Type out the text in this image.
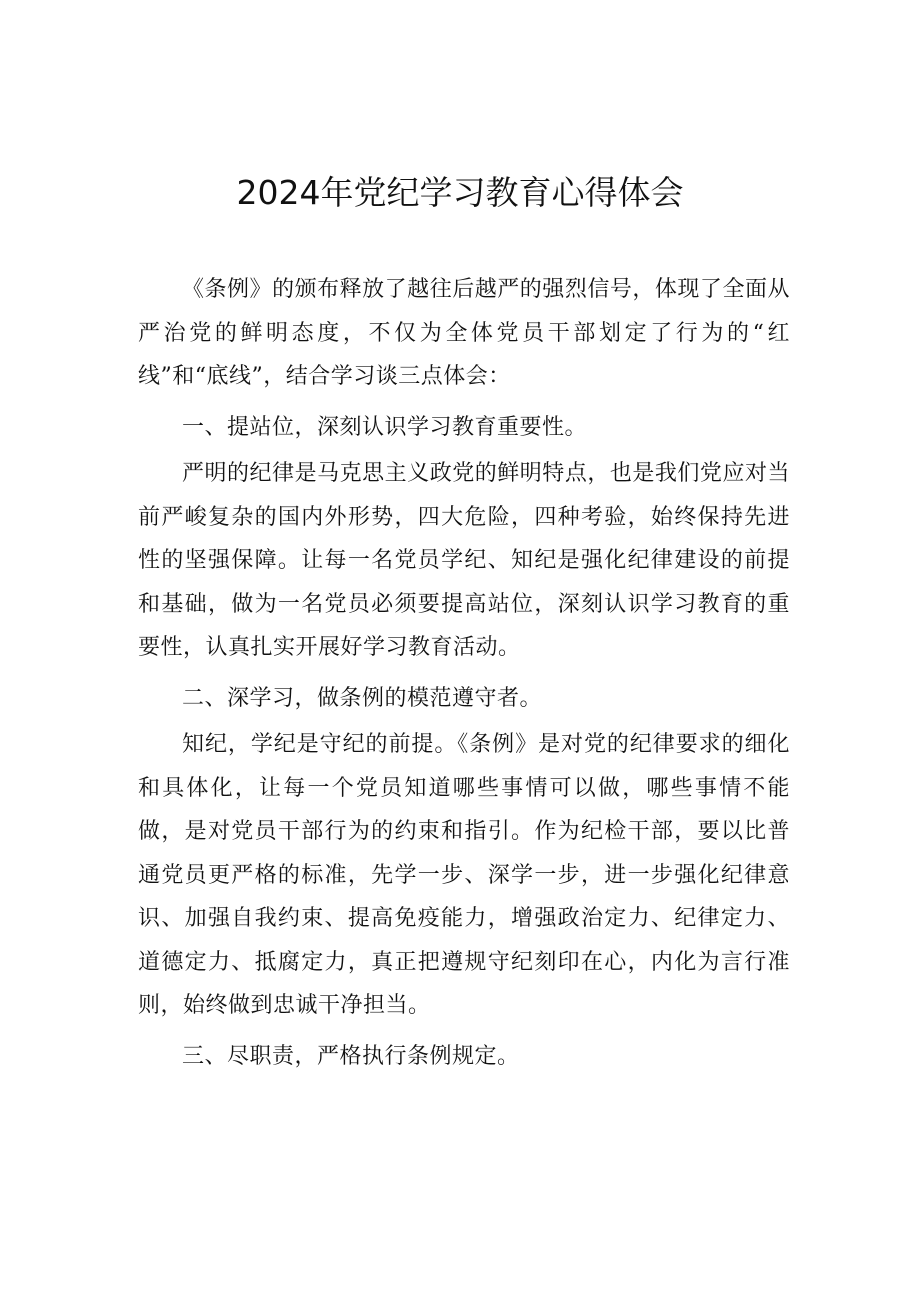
2024年党纪学习教育心得体会

《条例》的颁布释放了越往后越严的强烈信号，体现了全面从严治党的鲜明态度，不仅为全体党员干部划定了行为的“红线”和“底线”，结合学习谈三点体会：

一、提站位，深刻认识学习教育重要性。

严明的纪律是马克思主义政党的鲜明特点，也是我们党应对当前严峻复杂的国内外形势，四大危险，四种考验，始终保持先进性的坚强保障。让每一名党员学纪、知纪是强化纪律建设的前提和基础，做为一名党员必须要提高站位，深刻认识学习教育的重要性，认真扎实开展好学习教育活动。

二、深学习，做条例的模范遵守者。

知纪，学纪是守纪的前提。《条例》是对党的纪律要求的细化和具体化，让每一个党员知道哪些事情可以做，哪些事情不能做，是对党员干部行为的约束和指引。作为纪检干部，要以比普通党员更严格的标准，先学一步、深学一步，进一步强化纪律意识、加强自我约束、提高免疫能力，增强政治定力、纪律定力、道德定力、抵腐定力，真正把遵规守纪刻印在心，内化为言行准则，始终做到忠诚干净担当。

三、尽职责，严格执行条例规定。
